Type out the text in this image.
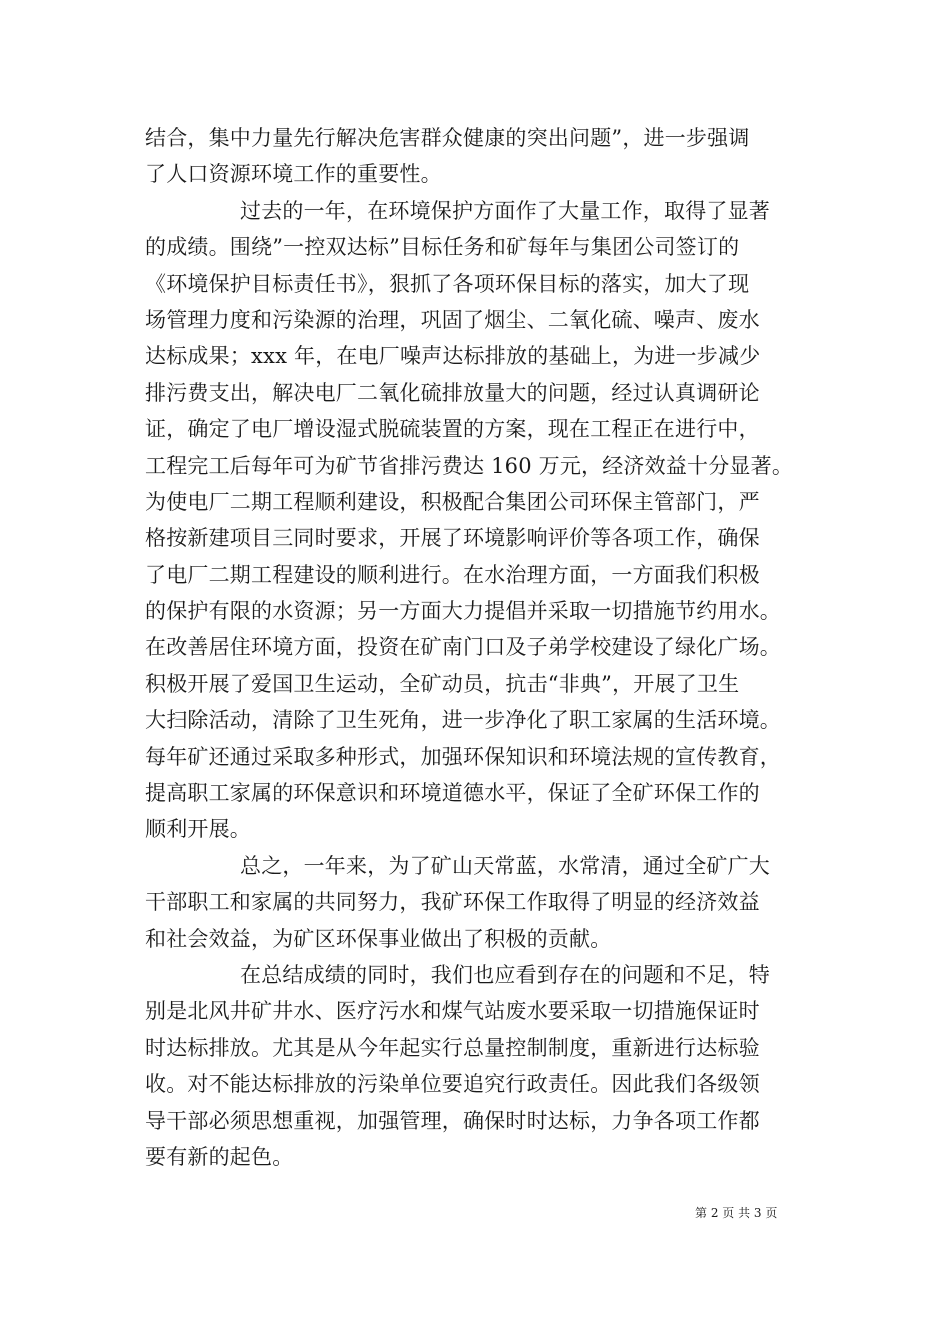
结合，集中力量先行解决危害群众健康的突出问题”，进一步强调
了人口资源环境工作的重要性。
过去的一年，在环境保护方面作了大量工作，取得了显著
的成绩。围绕”一控双达标”目标任务和矿每年与集团公司签订的
《环境保护目标责任书》，狠抓了各项环保目标的落实，加大了现
场管理力度和污染源的治理，巩固了烟尘、二氧化硫、噪声、废水
达标成果；xxx 年，在电厂噪声达标排放的基础上，为进一步减少
排污费支出，解决电厂二氧化硫排放量大的问题，经过认真调研论
证，确定了电厂增设湿式脱硫装置的方案，现在工程正在进行中，
工程完工后每年可为矿节省排污费达 160 万元，经济效益十分显著。
为使电厂二期工程顺利建设，积极配合集团公司环保主管部门，严
格按新建项目三同时要求，开展了环境影响评价等各项工作，确保
了电厂二期工程建设的顺利进行。在水治理方面，一方面我们积极
的保护有限的水资源；另一方面大力提倡并采取一切措施节约用水。
在改善居住环境方面，投资在矿南门口及子弟学校建设了绿化广场。
积极开展了爱国卫生运动，全矿动员，抗击“非典”，开展了卫生
大扫除活动，清除了卫生死角，进一步净化了职工家属的生活环境。
每年矿还通过采取多种形式，加强环保知识和环境法规的宣传教育，
提高职工家属的环保意识和环境道德水平，保证了全矿环保工作的
顺利开展。
总之，一年来，为了矿山天常蓝，水常清，通过全矿广大
干部职工和家属的共同努力，我矿环保工作取得了明显的经济效益
和社会效益，为矿区环保事业做出了积极的贡献。
在总结成绩的同时，我们也应看到存在的问题和不足，特
别是北风井矿井水、医疗污水和煤气站废水要采取一切措施保证时
时达标排放。尤其是从今年起实行总量控制制度，重新进行达标验
收。对不能达标排放的污染单位要追究行政责任。因此我们各级领
导干部必须思想重视，加强管理，确保时时达标，力争各项工作都
要有新的起色。
第 2 页 共 3 页
